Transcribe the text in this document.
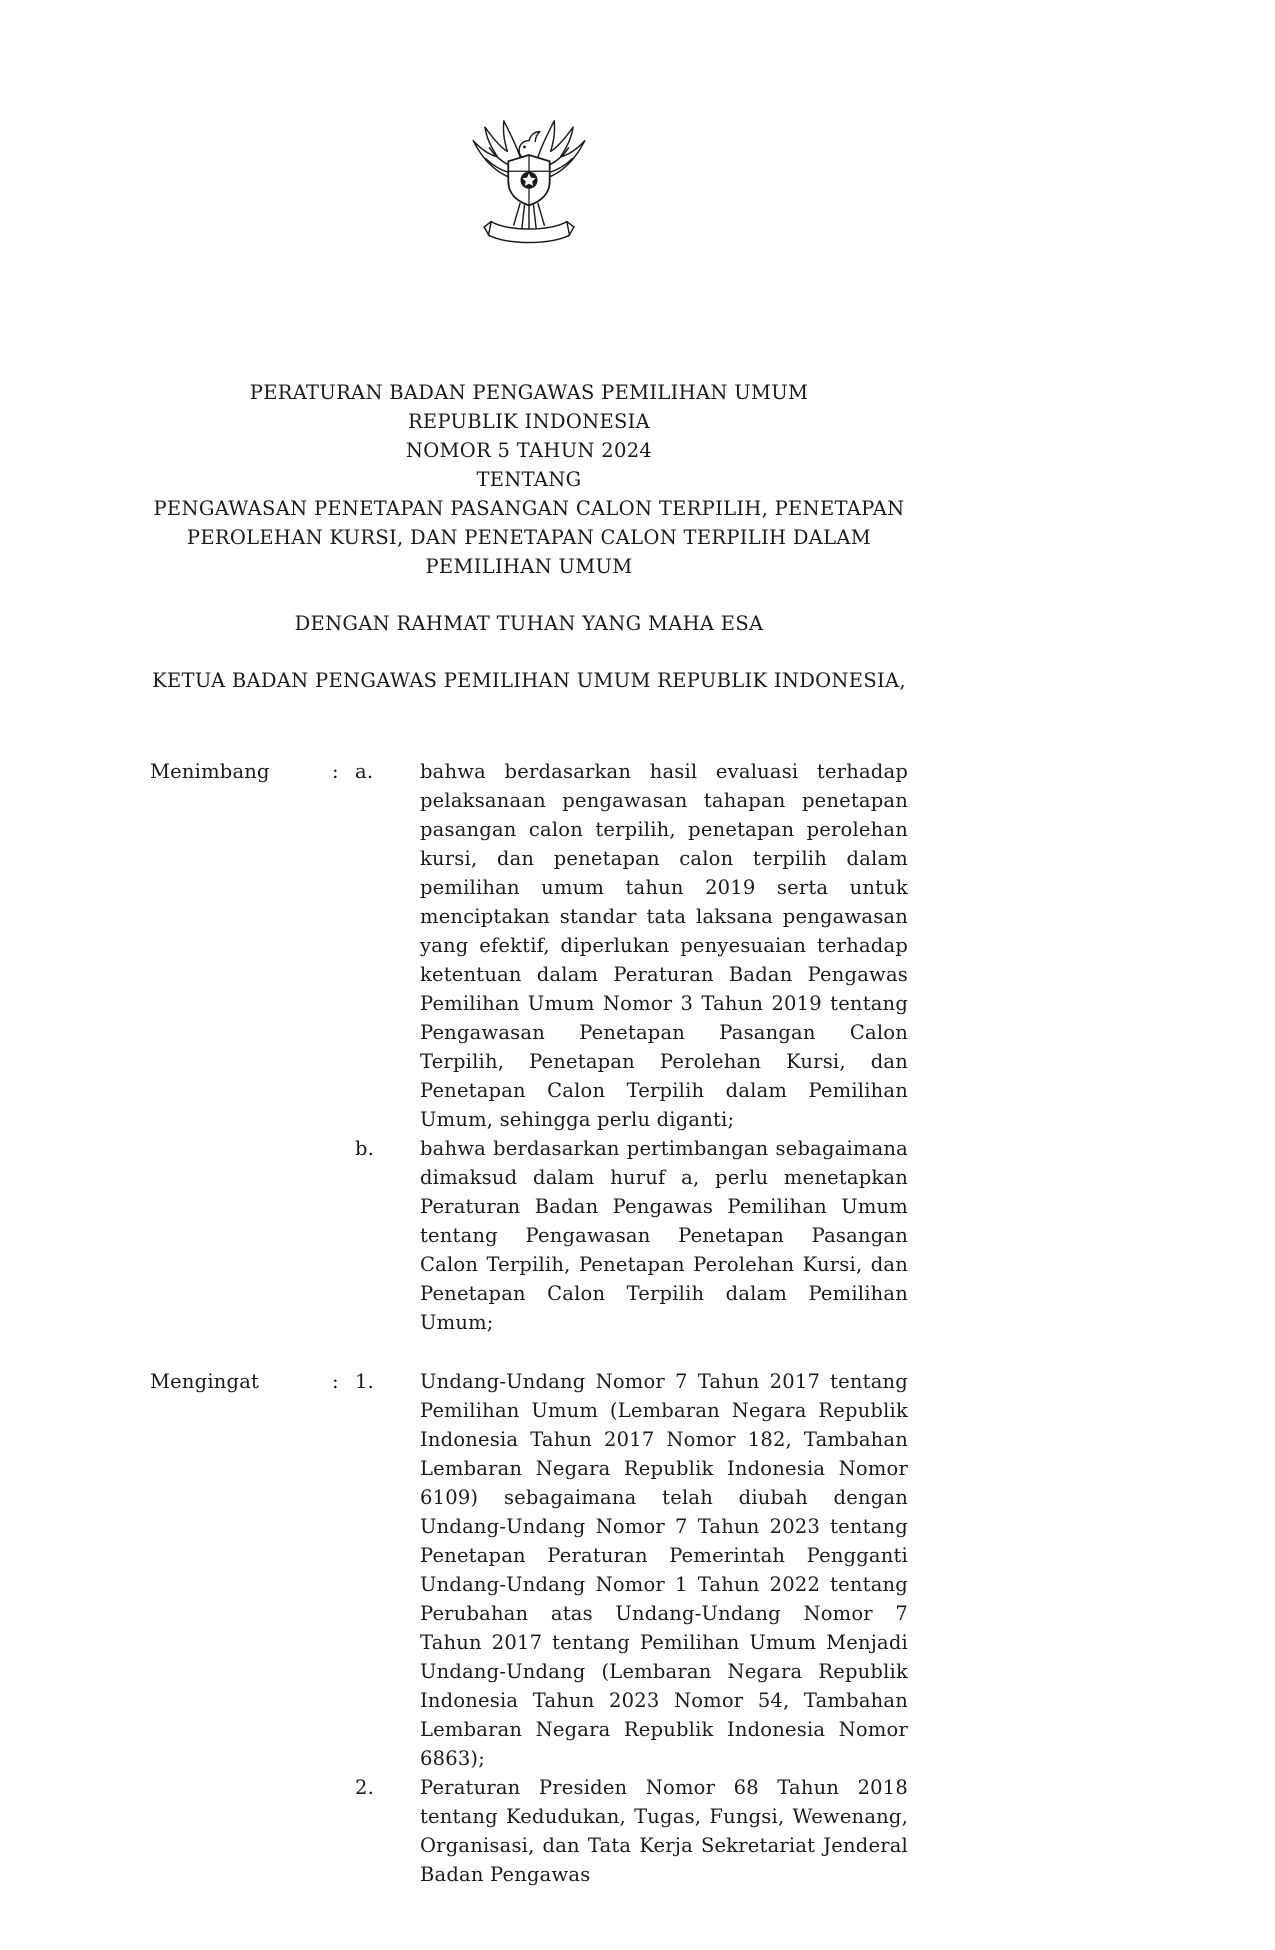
PERATURAN BADAN PENGAWAS PEMILIHAN UMUM
REPUBLIK INDONESIA
NOMOR 5 TAHUN 2024
TENTANG
PENGAWASAN PENETAPAN PASANGAN CALON TERPILIH, PENETAPAN
PEROLEHAN KURSI, DAN PENETAPAN CALON TERPILIH DALAM
PEMILIHAN UMUM
DENGAN RAHMAT TUHAN YANG MAHA ESA
KETUA BADAN PENGAWAS PEMILIHAN UMUM REPUBLIK INDONESIA,
Menimbang	: a.	bahwa berdasarkan hasil evaluasi terhadap pelaksanaan pengawasan tahapan penetapan pasangan calon terpilih, penetapan perolehan kursi, dan penetapan calon terpilih dalam pemilihan umum tahun 2019 serta untuk menciptakan standar tata laksana pengawasan yang efektif, diperlukan penyesuaian terhadap ketentuan dalam Peraturan Badan Pengawas Pemilihan Umum Nomor 3 Tahun 2019 tentang Pengawasan Penetapan Pasangan Calon Terpilih, Penetapan Perolehan Kursi, dan Penetapan Calon Terpilih dalam Pemilihan Umum, sehingga perlu diganti;
b.	bahwa berdasarkan pertimbangan sebagaimana dimaksud dalam huruf a, perlu menetapkan Peraturan Badan Pengawas Pemilihan Umum tentang Pengawasan Penetapan Pasangan Calon Terpilih, Penetapan Perolehan Kursi, dan Penetapan Calon Terpilih dalam Pemilihan Umum;
Mengingat	: 1.	Undang-Undang Nomor 7 Tahun 2017 tentang Pemilihan Umum (Lembaran Negara Republik Indonesia Tahun 2017 Nomor 182, Tambahan Lembaran Negara Republik Indonesia Nomor 6109) sebagaimana telah diubah dengan Undang-Undang Nomor 7 Tahun 2023 tentang Penetapan Peraturan Pemerintah Pengganti Undang-Undang Nomor 1 Tahun 2022 tentang Perubahan atas Undang-Undang Nomor 7 Tahun 2017 tentang Pemilihan Umum Menjadi Undang-Undang (Lembaran Negara Republik Indonesia Tahun 2023 Nomor 54, Tambahan Lembaran Negara Republik Indonesia Nomor 6863);
2.	Peraturan Presiden Nomor 68 Tahun 2018 tentang Kedudukan, Tugas, Fungsi, Wewenang, Organisasi, dan Tata Kerja Sekretariat Jenderal Badan Pengawas
